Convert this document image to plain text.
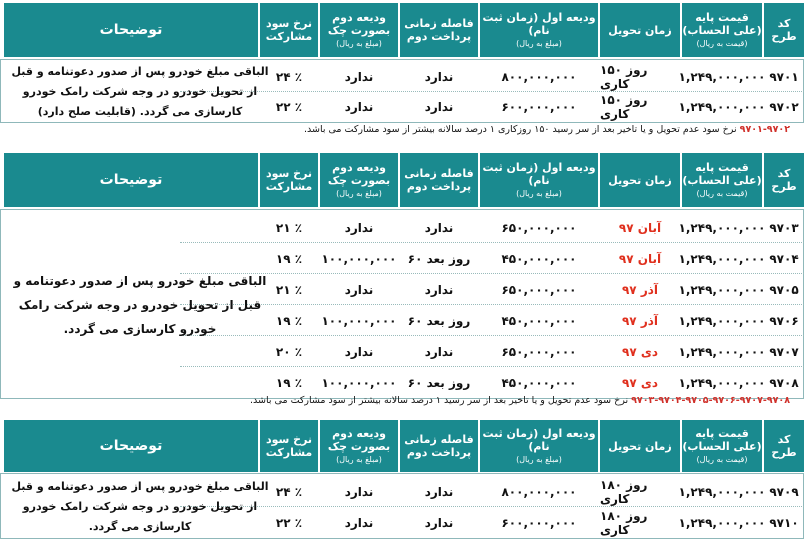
کد طرح
قیمت پایه (علی الحساب)
(قیمت به ریال)
زمان تحویل
ودیعه اول (زمان ثبت نام)
(مبلغ به ریال)
فاصله زمانی پرداخت دوم
ودیعه دوم بصورت چک
(مبلغ به ریال)
نرخ سود مشارکت
توضیحات
۹۷۰۱
۱,۲۴۹,۰۰۰,۰۰۰
۱۵۰ روز کاری
۸۰۰,۰۰۰,۰۰۰
ندارد
ندارد
۲۴ ٪
۹۷۰۲
۱,۲۴۹,۰۰۰,۰۰۰
۱۵۰ روز کاری
۶۰۰,۰۰۰,۰۰۰
ندارد
ندارد
۲۲ ٪
الباقی مبلغ خودرو پس از صدور دعوتنامه و قبل از تحویل خودرو در وجه شرکت رامک خودرو کارسازی می گردد. (قابلیت صلح دارد)
۹۷۰۱-۹۷۰۲ نرخ سود عدم تحویل و یا تاخیر بعد از سر رسید ۱۵۰ روزکاری ۱ درصد سالانه بیشتر از سود مشارکت می باشد.
کد طرح
قیمت پایه (علی الحساب)
(قیمت به ریال)
زمان تحویل
ودیعه اول (زمان ثبت نام)
(مبلغ به ریال)
فاصله زمانی پرداخت دوم
ودیعه دوم بصورت چک
(مبلغ به ریال)
نرخ سود مشارکت
توضیحات
۹۷۰۳
۱,۲۴۹,۰۰۰,۰۰۰
آبان ۹۷
۶۵۰,۰۰۰,۰۰۰
ندارد
ندارد
۲۱ ٪
۹۷۰۴
۱,۲۴۹,۰۰۰,۰۰۰
آبان ۹۷
۴۵۰,۰۰۰,۰۰۰
۶۰ روز بعد
۱۰۰,۰۰۰,۰۰۰
۱۹ ٪
۹۷۰۵
۱,۲۴۹,۰۰۰,۰۰۰
آذر ۹۷
۶۵۰,۰۰۰,۰۰۰
ندارد
ندارد
۲۱ ٪
۹۷۰۶
۱,۲۴۹,۰۰۰,۰۰۰
آذر ۹۷
۴۵۰,۰۰۰,۰۰۰
۶۰ روز بعد
۱۰۰,۰۰۰,۰۰۰
۱۹ ٪
۹۷۰۷
۱,۲۴۹,۰۰۰,۰۰۰
دی ۹۷
۶۵۰,۰۰۰,۰۰۰
ندارد
ندارد
۲۰ ٪
۹۷۰۸
۱,۲۴۹,۰۰۰,۰۰۰
دی ۹۷
۴۵۰,۰۰۰,۰۰۰
۶۰ روز بعد
۱۰۰,۰۰۰,۰۰۰
۱۹ ٪
الباقی مبلغ خودرو پس از صدور دعوتنامه و قبل از تحویل خودرو در وجه شرکت رامک خودرو کارسازی می گردد.
۹۷۰۳-۹۷۰۴-۹۷۰۵-۹۷۰۶-۹۷۰۷-۹۷۰۸ نرخ سود عدم تحویل و یا تاخیر بعد از سر رسید ۱ درصد سالانه بیشتر از سود مشارکت می باشد.
کد طرح
قیمت پایه (علی الحساب)
(قیمت به ریال)
زمان تحویل
ودیعه اول (زمان ثبت نام)
(مبلغ به ریال)
فاصله زمانی پرداخت دوم
ودیعه دوم بصورت چک
(مبلغ به ریال)
نرخ سود مشارکت
توضیحات
۹۷۰۹
۱,۲۴۹,۰۰۰,۰۰۰
۱۸۰ روز کاری
۸۰۰,۰۰۰,۰۰۰
ندارد
ندارد
۲۴ ٪
۹۷۱۰
۱,۲۴۹,۰۰۰,۰۰۰
۱۸۰ روز کاری
۶۰۰,۰۰۰,۰۰۰
ندارد
ندارد
۲۲ ٪
الباقی مبلغ خودرو پس از صدور دعوتنامه و قبل از تحویل خودرو در وجه شرکت رامک خودرو کارسازی می گردد.
